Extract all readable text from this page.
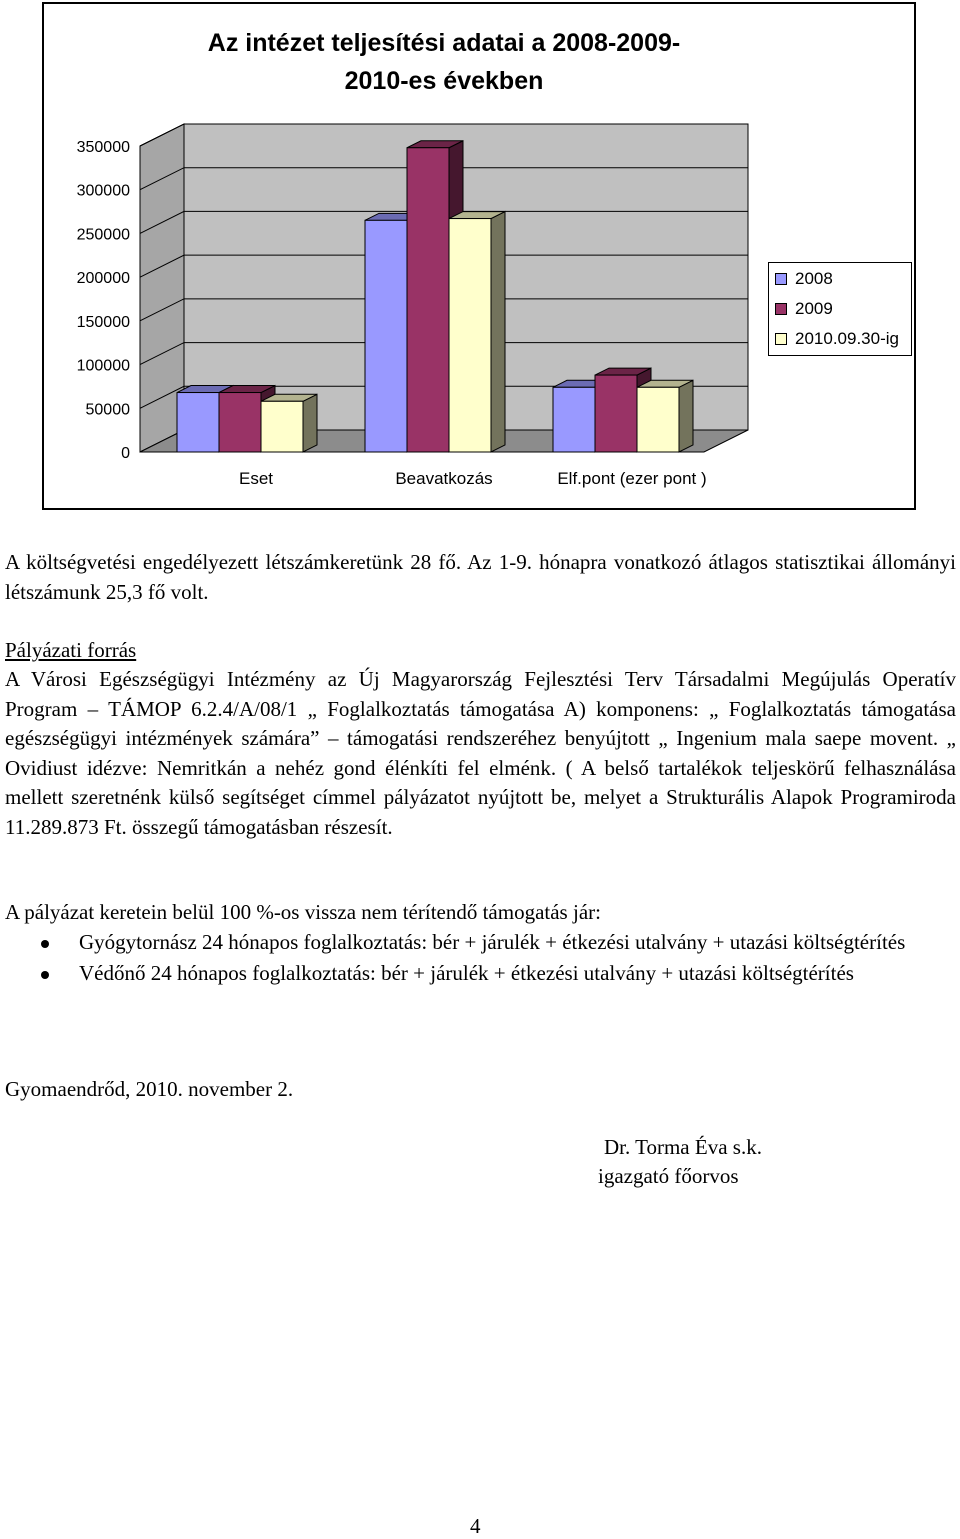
Az intézet teljesítési adatai a 2008-2009-
2010-es években
0
50000
100000
150000
200000
250000
300000
350000
Eset	Beavatkozás	Elf.pont (ezer pont )
2008
2009
2010.09.30-ig
A költségvetési engedélyezett létszámkeretünk 28 fő. Az 1-9. hónapra vonatkozó átlagos statisztikai állományi létszámunk 25,3 fő volt.
Pályázati forrás
A Városi Egészségügyi Intézmény az Új Magyarország Fejlesztési Terv Társadalmi Megújulás Operatív Program – TÁMOP 6.2.4/A/08/1 „ Foglalkoztatás támogatása A) komponens: „ Foglalkoztatás támogatása egészségügyi intézmények számára” – támogatási rendszeréhez benyújtott „ Ingenium mala saepe movent. „ Ovidiust idézve: Nemritkán a nehéz gond élénkíti fel elménk. ( A belső tartalékok teljeskörű felhasználása mellett szeretnénk külső segítséget címmel pályázatot nyújtott be, melyet a Strukturális Alapok Programiroda 11.289.873 Ft. összegű támogatásban részesít.
A pályázat keretein belül 100 %-os vissza nem térítendő támogatás jár:
Gyógytornász 24 hónapos foglalkoztatás: bér + járulék + étkezési utalvány + utazási költségtérítés
Védőnő 24 hónapos foglalkoztatás: bér + járulék + étkezési utalvány + utazási költségtérítés
Gyomaendrőd, 2010. november 2.
Dr. Torma Éva s.k.
igazgató főorvos
4
